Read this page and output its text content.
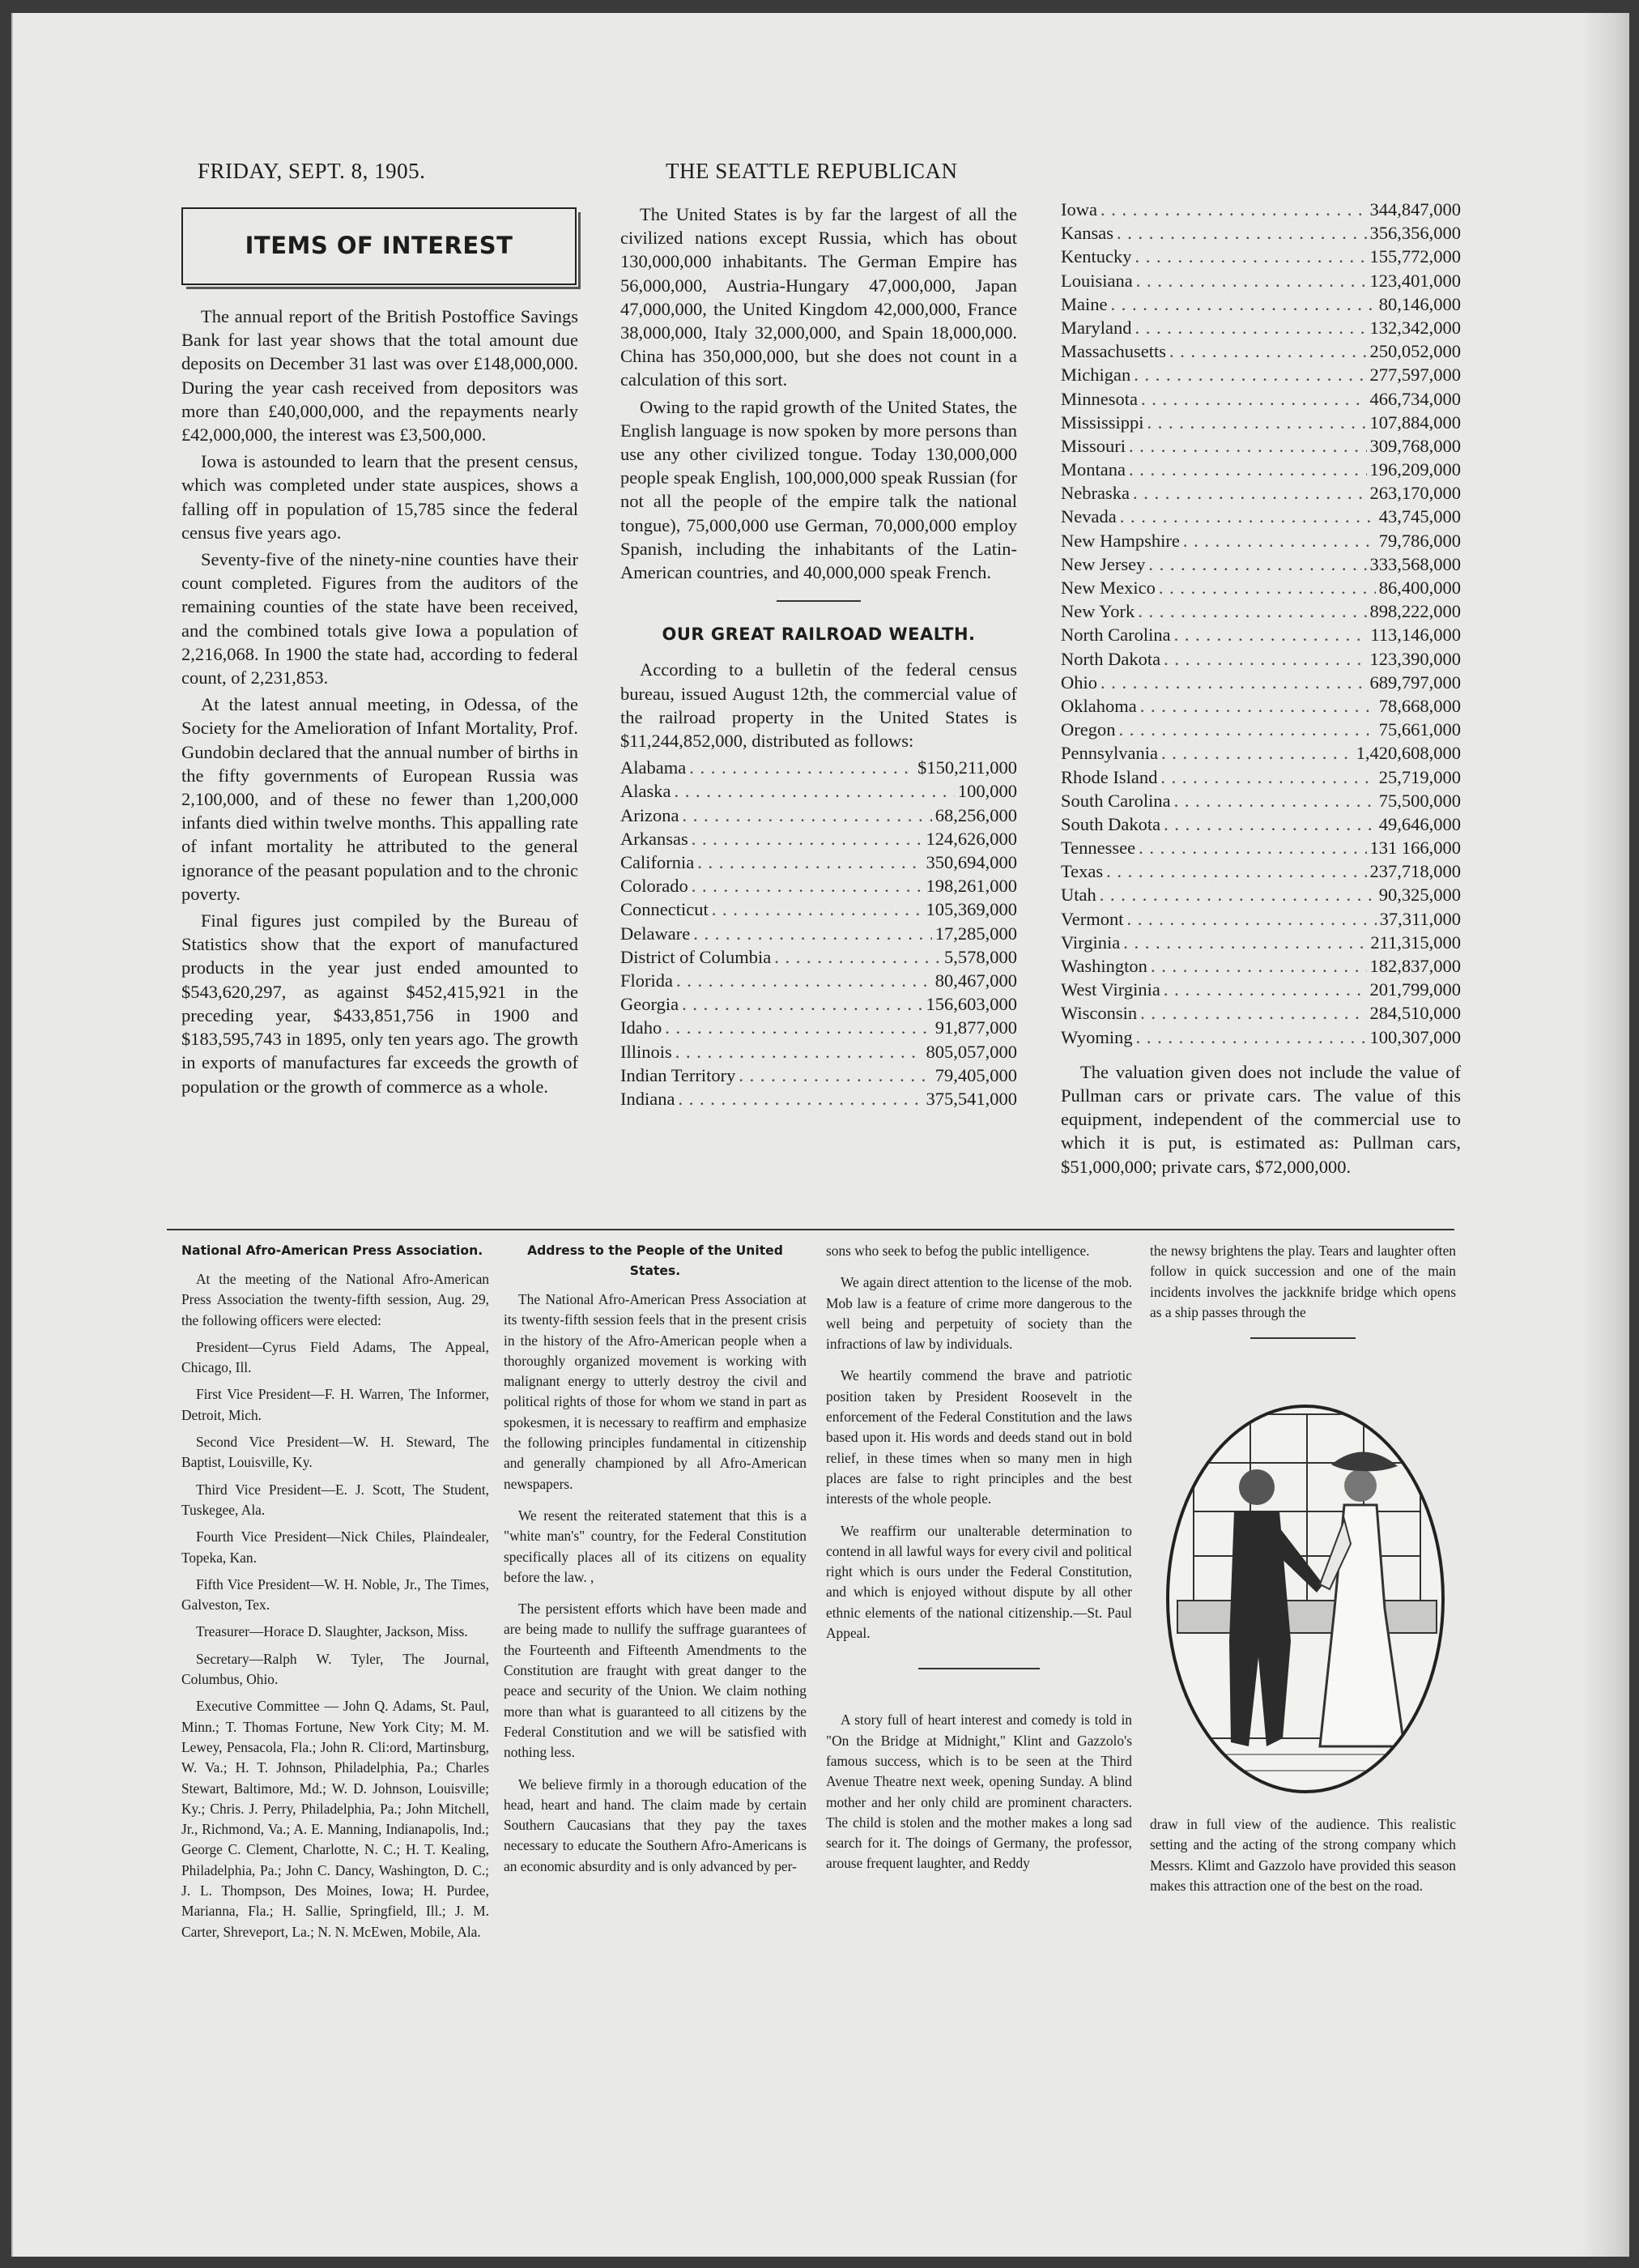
FRIDAY, SEPT. 8, 1905.	THE SEATTLE REPUBLICAN
ITEMS OF INTEREST

The annual report of the British Postoffice Savings Bank for last year shows that the total amount due deposits on December 31 last was over £148,000,000. During the year cash received from depositors was more than £40,000,000, and the repayments nearly £42,000,000, the interest was £3,500,000.

Iowa is astounded to learn that the present census, which was completed under state auspices, shows a falling off in population of 15,785 since the federal census five years ago.

Seventy-five of the ninety-nine counties have their count completed. Figures from the auditors of the remaining counties of the state have been received, and the combined totals give Iowa a population of 2,216,068. In 1900 the state had, according to federal count, of 2,231,853.

At the latest annual meeting, in Odessa, of the Society for the Amelioration of Infant Mortality, Prof. Gundobin declared that the annual number of births in the fifty governments of European Russia was 2,100,000, and of these no fewer than 1,200,000 infants died within twelve months. This appalling rate of infant mortality he attributed to the general ignorance of the peasant population and to the chronic poverty.

Final figures just compiled by the Bureau of Statistics show that the export of manufactured products in the year just ended amounted to $543,620,297, as against $452,415,921 in the preceding year, $433,851,756 in 1900 and $183,595,743 in 1895, only ten years ago. The growth in exports of manufactures far exceeds the growth of population or the growth of commerce as a whole.

The United States is by far the largest of all the civilized nations except Russia, which has obout 130,000,000 inhabitants. The German Empire has 56,000,000, Austria-Hungary 47,000,000, Japan 47,000,000, the United Kingdom 42,000,000, France 38,000,000, Italy 32,000,000, and Spain 18,000,000. China has 350,000,000, but she does not count in a calculation of this sort.

Owing to the rapid growth of the United States, the English language is now spoken by more persons than use any other civilized tongue. Today 130,000,000 people speak English, 100,000,000 speak Russian (for not all the people of the empire talk the national tongue), 75,000,000 use German, 70,000,000 employ Spanish, including the inhabitants of the Latin-American countries, and 40,000,000 speak French.

OUR GREAT RAILROAD WEALTH.

According to a bulletin of the federal census bureau, issued August 12th, the commercial value of the railroad property in the United States is $11,244,852,000, distributed as follows:

Alabama . . .	$150,211,000
Alaska . . .	100,000
Arizona . . .	68,256,000
Arkansas . . .	124,626,000
California . . .	350,694,000
Colorado . . .	198,261,000
Connecticut . . .	105,369,000
Delaware . . .	17,285,000
District of Columbia . . .	5,578,000
Florida . . .	80,467,000
Georgia . . .	156,603,000
Idaho . . .	91,877,000
Illinois . . .	805,057,000
Indian Territory . . .	79,405,000
Indiana . . .	375,541,000
Iowa . . .	344,847,000
Kansas . . .	356,356,000
Kentucky . . .	155,772,000
Louisiana . . .	123,401,000
Maine . . .	80,146,000
Maryland . . .	132,342,000
Massachusetts . . .	250,052,000
Michigan . . .	277,597,000
Minnesota . . .	466,734,000
Mississippi . . .	107,884,000
Missouri . . .	309,768,000
Montana . . .	196,209,000
Nebraska . . .	263,170,000
Nevada . . .	43,745,000
New Hampshire . . .	79,786,000
New Jersey . . .	333,568,000
New Mexico . . .	86,400,000
New York . . .	898,222,000
North Carolina . . .	113,146,000
North Dakota . . .	123,390,000
Ohio . . .	689,797,000
Oklahoma . . .	78,668,000
Oregon . . .	75,661,000
Pennsylvania . . .	1,420,608,000
Rhode Island . . .	25,719,000
South Carolina . . .	75,500,000
South Dakota . . .	49,646,000
Tennessee . . .	131 166,000
Texas . . .	237,718,000
Utah . . .	90,325,000
Vermont . . .	37,311,000
Virginia . . .	211,315,000
Washington . . .	182,837,000
West Virginia . . .	201,799,000
Wisconsin . . .	284,510,000
Wyoming . . .	100,307,000

The valuation given does not include the value of Pullman cars or private cars. The value of this equipment, independent of the commercial use to which it is put, is estimated as: Pullman cars, $51,000,000; private cars, $72,000,000.

National Afro-American Press Association.

At the meeting of the National Afro-American Press Association the twenty-fifth session, Aug. 29, the following officers were elected:

President—Cyrus Field Adams, The Appeal, Chicago, Ill.

First Vice President—F. H. Warren, The Informer, Detroit, Mich.

Second Vice President—W. H. Steward, The Baptist, Louisville, Ky.

Third Vice President—E. J. Scott, The Student, Tuskegee, Ala.

Fourth Vice President—Nick Chiles, Plaindealer, Topeka, Kan.

Fifth Vice President—W. H. Noble, Jr., The Times, Galveston, Tex.

Treasurer—Horace D. Slaughter, Jackson, Miss.

Secretary—Ralph W. Tyler, The Journal, Columbus, Ohio.

Executive Committee — John Q. Adams, St. Paul, Minn.; T. Thomas Fortune, New York City; M. M. Lewey, Pensacola, Fla.; John R. Cli:ord, Martinsburg, W. Va.; H. T. Johnson, Philadelphia, Pa.; Charles Stewart, Baltimore, Md.; W. D. Johnson, Louisville; Ky.; Chris. J. Perry, Philadelphia, Pa.; John Mitchell, Jr., Richmond, Va.; A. E. Manning, Indianapolis, Ind.; George C. Clement, Charlotte, N. C.; H. T. Kealing, Philadelphia, Pa.; John C. Dancy, Washington, D. C.; J. L. Thompson, Des Moines, Iowa; H. Purdee, Marianna, Fla.; H. Sallie, Springfield, Ill.; J. M. Carter, Shreveport, La.; N. N. McEwen, Mobile, Ala.

Address to the People of the United States.

The National Afro-American Press Association at its twenty-fifth session feels that in the present crisis in the history of the Afro-American people when a thoroughly organized movement is working with malignant energy to utterly destroy the civil and political rights of those for whom we stand in part as spokesmen, it is necessary to reaffirm and emphasize the following principles fundamental in citizenship and generally championed by all Afro-American newspapers.

We resent the reiterated statement that this is a "white man's" country, for the Federal Constitution specifically places all of its citizens on equality before the law. ,

The persistent efforts which have been made and are being made to nullify the suffrage guarantees of the Fourteenth and Fifteenth Amendments to the Constitution are fraught with great danger to the peace and security of the Union. We claim nothing more than what is guaranteed to all citizens by the Federal Constitution and we will be satisfied with nothing less.

We believe firmly in a thorough education of the head, heart and hand. The claim made by certain Southern Caucasians that they pay the taxes necessary to educate the Southern Afro-Americans is an economic absurdity and is only advanced by per-

sons who seek to befog the public intelligence.

We again direct attention to the license of the mob. Mob law is a feature of crime more dangerous to the well being and perpetuity of society than the infractions of law by individuals.

We heartily commend the brave and patriotic position taken by President Roosevelt in the enforcement of the Federal Constitution and the laws based upon it. His words and deeds stand out in bold relief, in these times when so many men in high places are false to right principles and the best interests of the whole people.

We reaffirm our unalterable determination to contend in all lawful ways for every civil and political right which is ours under the Federal Constitution, and which is enjoyed without dispute by all other ethnic elements of the national citizenship.—St. Paul Appeal.

A story full of heart interest and comedy is told in "On the Bridge at Midnight," Klint and Gazzolo's famous success, which is to be seen at the Third Avenue Theatre next week, opening Sunday. A blind mother and her only child are prominent characters. The child is stolen and the mother makes a long sad search for it. The doings of Germany, the professor, arouse frequent laughter, and Reddy

the newsy brightens the play. Tears and laughter often follow in quick succession and one of the main incidents involves the jackknife bridge which opens as a ship passes through the

draw in full view of the audience. This realistic setting and the acting of the strong company which Messrs. Klimt and Gazzolo have provided this season makes this attraction one of the best on the road.
